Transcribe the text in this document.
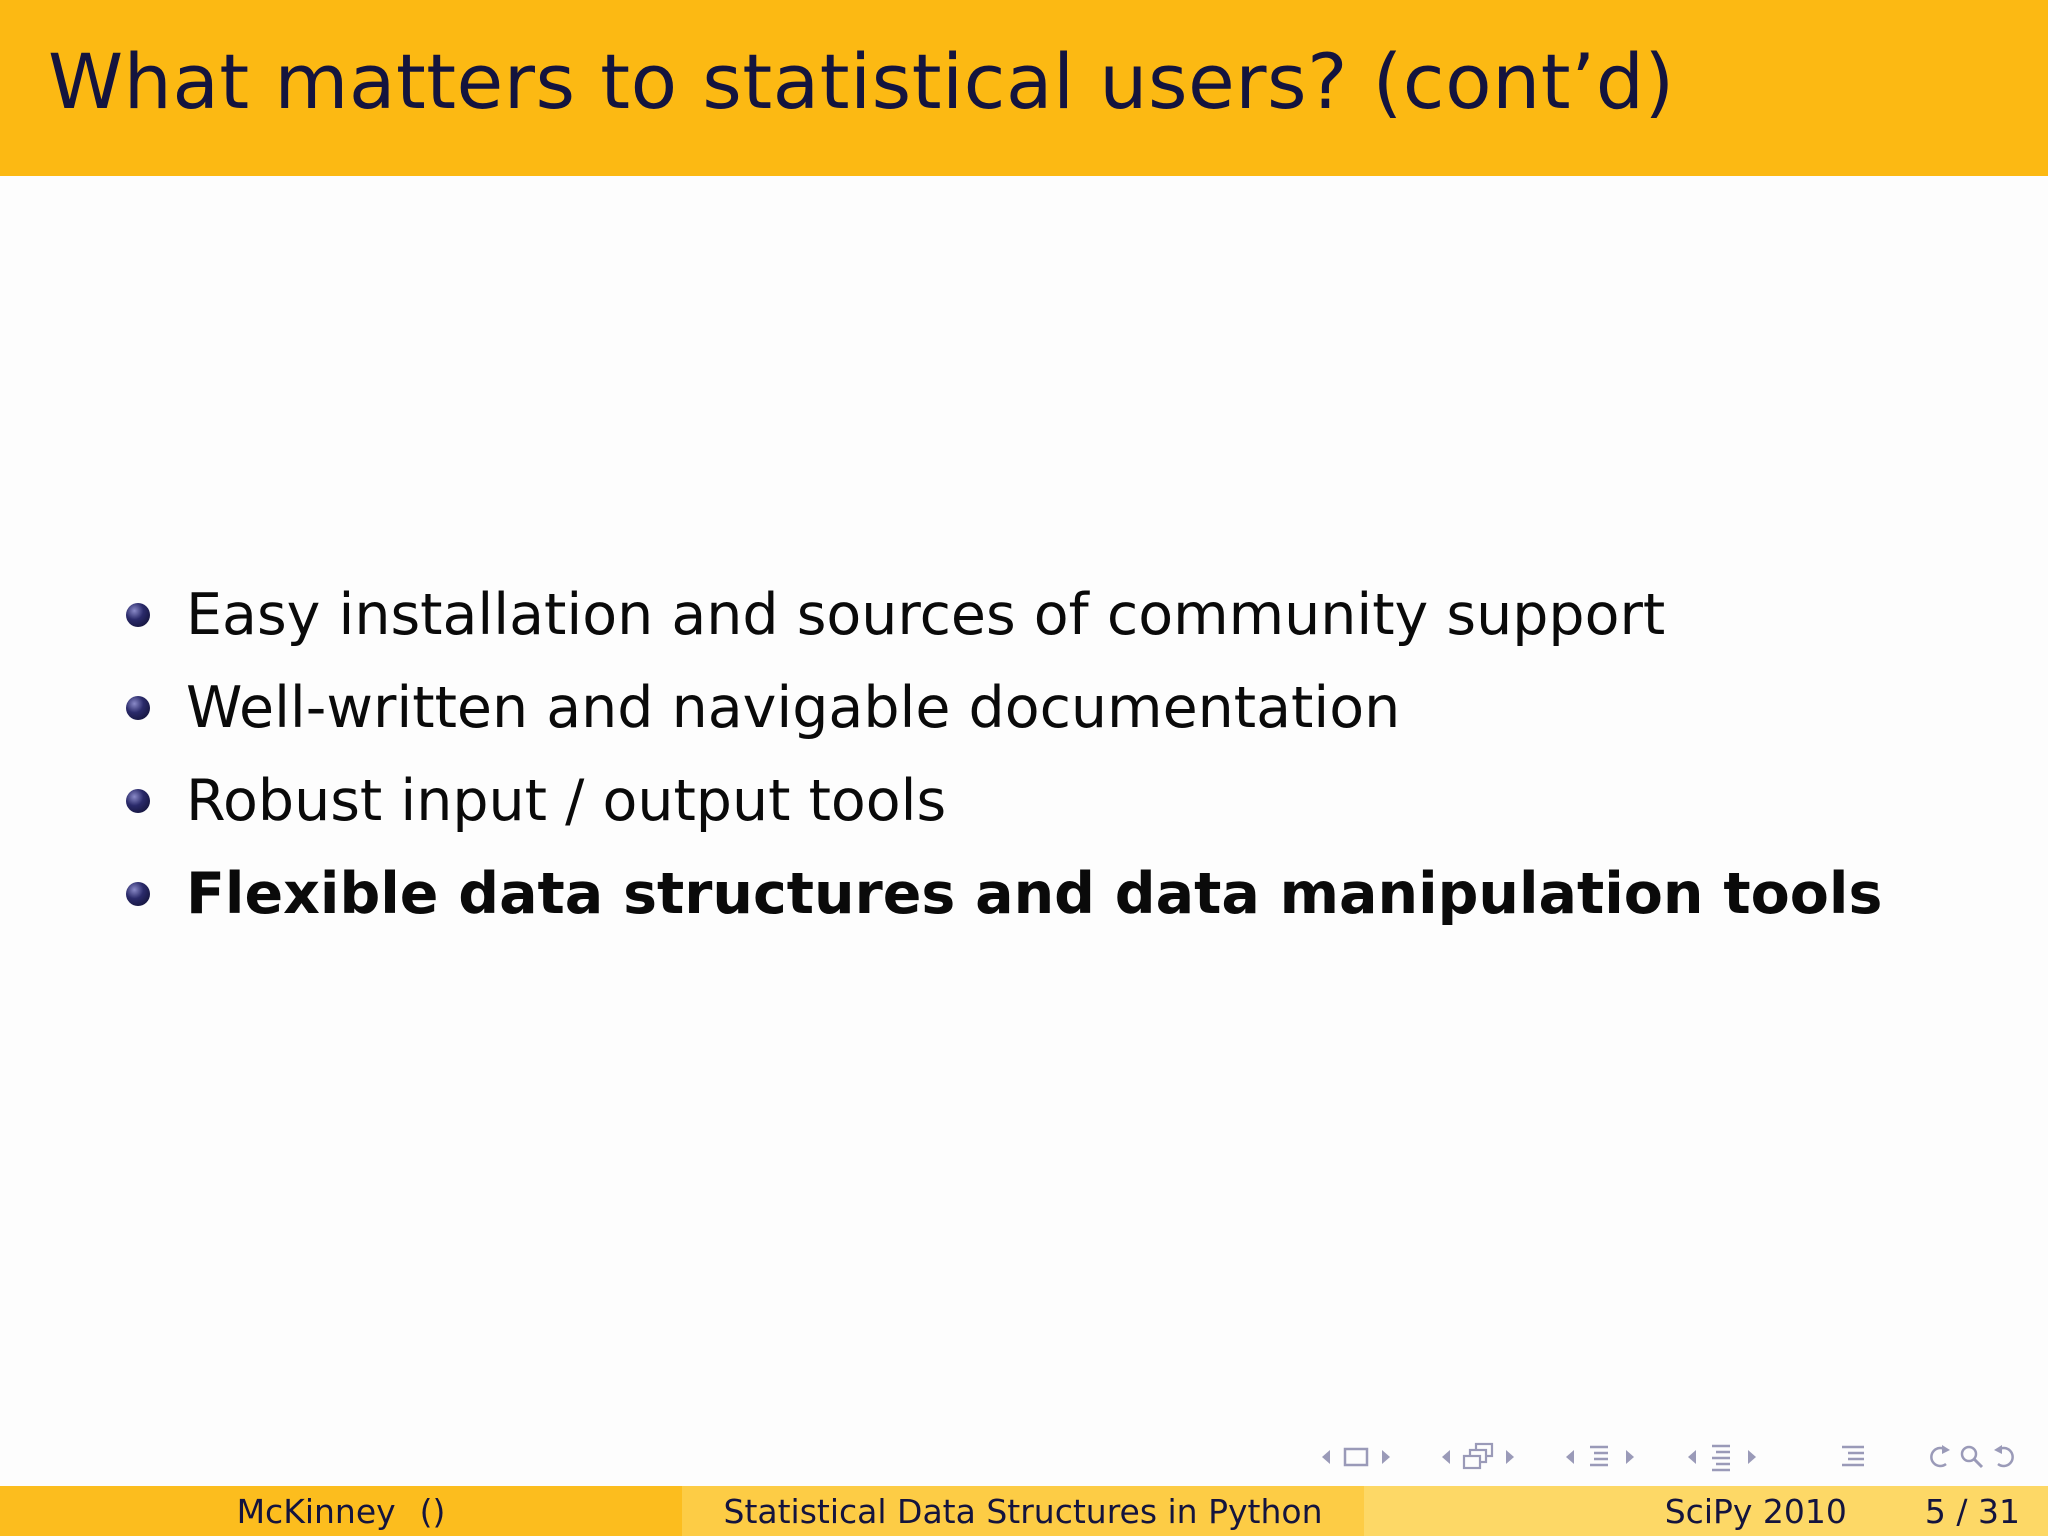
What matters to statistical users? (cont’d)
Easy installation and sources of community support
Well-written and navigable documentation
Robust input / output tools
Flexible data structures and data manipulation tools
McKinney ()	Statistical Data Structures in Python	SciPy 2010 5 / 31
